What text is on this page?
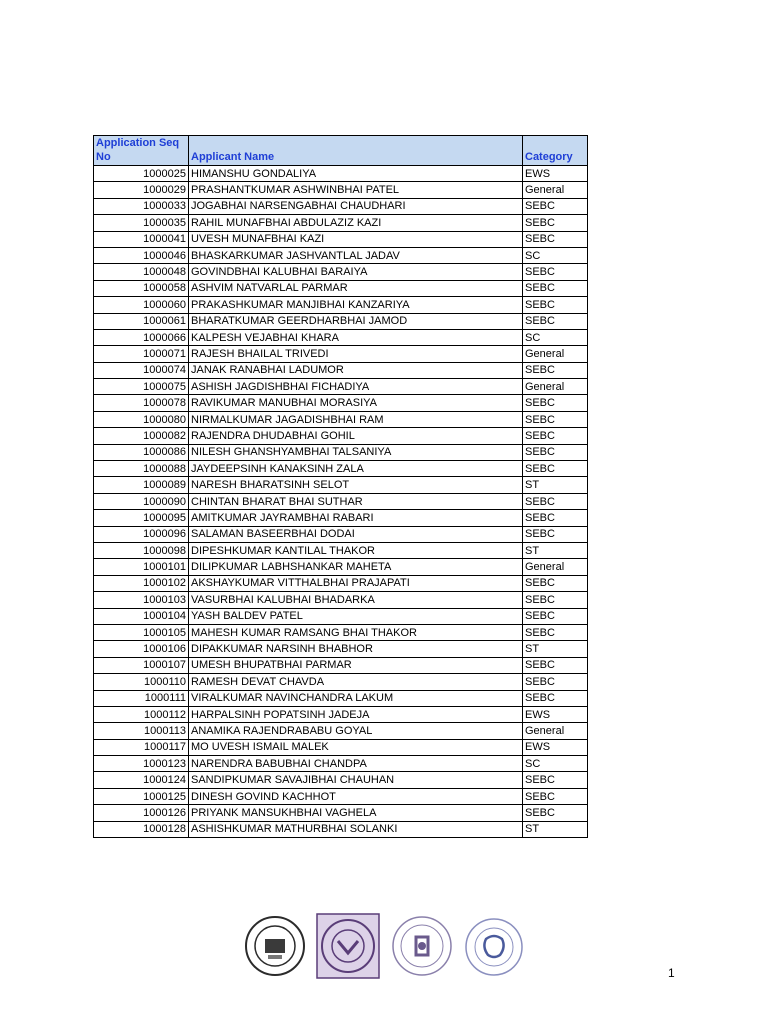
Application Seq No	Applicant Name	Category
1000025	HIMANSHU GONDALIYA	EWS
1000029	PRASHANTKUMAR ASHWINBHAI PATEL	General
1000033	JOGABHAI NARSENGABHAI CHAUDHARI	SEBC
1000035	RAHIL MUNAFBHAI ABDULAZIZ KAZI	SEBC
1000041	UVESH MUNAFBHAI KAZI	SEBC
1000046	BHASKARKUMAR JASHVANTLAL JADAV	SC
1000048	GOVINDBHAI KALUBHAI BARAIYA	SEBC
1000058	ASHVIM NATVARLAL PARMAR	SEBC
1000060	PRAKASHKUMAR MANJIBHAI KANZARIYA	SEBC
1000061	BHARATKUMAR GEERDHARBHAI JAMOD	SEBC
1000066	KALPESH VEJABHAI KHARA	SC
1000071	RAJESH BHAILAL TRIVEDI	General
1000074	JANAK RANABHAI LADUMOR	SEBC
1000075	ASHISH JAGDISHBHAI FICHADIYA	General
1000078	RAVIKUMAR MANUBHAI MORASIYA	SEBC
1000080	NIRMALKUMAR JAGADISHBHAI RAM	SEBC
1000082	RAJENDRA DHUDABHAI GOHIL	SEBC
1000086	NILESH GHANSHYAMBHAI TALSANIYA	SEBC
1000088	JAYDEEPSINH KANAKSINH ZALA	SEBC
1000089	NARESH BHARATSINH SELOT	ST
1000090	CHINTAN BHARAT BHAI SUTHAR	SEBC
1000095	AMITKUMAR JAYRAMBHAI RABARI	SEBC
1000096	SALAMAN BASEERBHAI DODAI	SEBC
1000098	DIPESHKUMAR KANTILAL THAKOR	ST
1000101	DILIPKUMAR LABHSHANKAR MAHETA	General
1000102	AKSHAYKUMAR VITTHALBHAI PRAJAPATI	SEBC
1000103	VASURBHAI KALUBHAI BHADARKA	SEBC
1000104	YASH BALDEV PATEL	SEBC
1000105	MAHESH KUMAR RAMSANG BHAI THAKOR	SEBC
1000106	DIPAKKUMAR NARSINH BHABHOR	ST
1000107	UMESH BHUPATBHAI PARMAR	SEBC
1000110	RAMESH DEVAT CHAVDA	SEBC
1000111	VIRALKUMAR NAVINCHANDRA LAKUM	SEBC
1000112	HARPALSINH POPATSINH JADEJA	EWS
1000113	ANAMIKA RAJENDRABABU GOYAL	General
1000117	MO UVESH ISMAIL MALEK	EWS
1000123	NARENDRA BABUBHAI CHANDPA	SC
1000124	SANDIPKUMAR SAVAJIBHAI CHAUHAN	SEBC
1000125	DINESH GOVIND KACHHOT	SEBC
1000126	PRIYANK MANSUKHBHAI VAGHELA	SEBC
1000128	ASHISHKUMAR MATHURBHAI SOLANKI	ST
1
